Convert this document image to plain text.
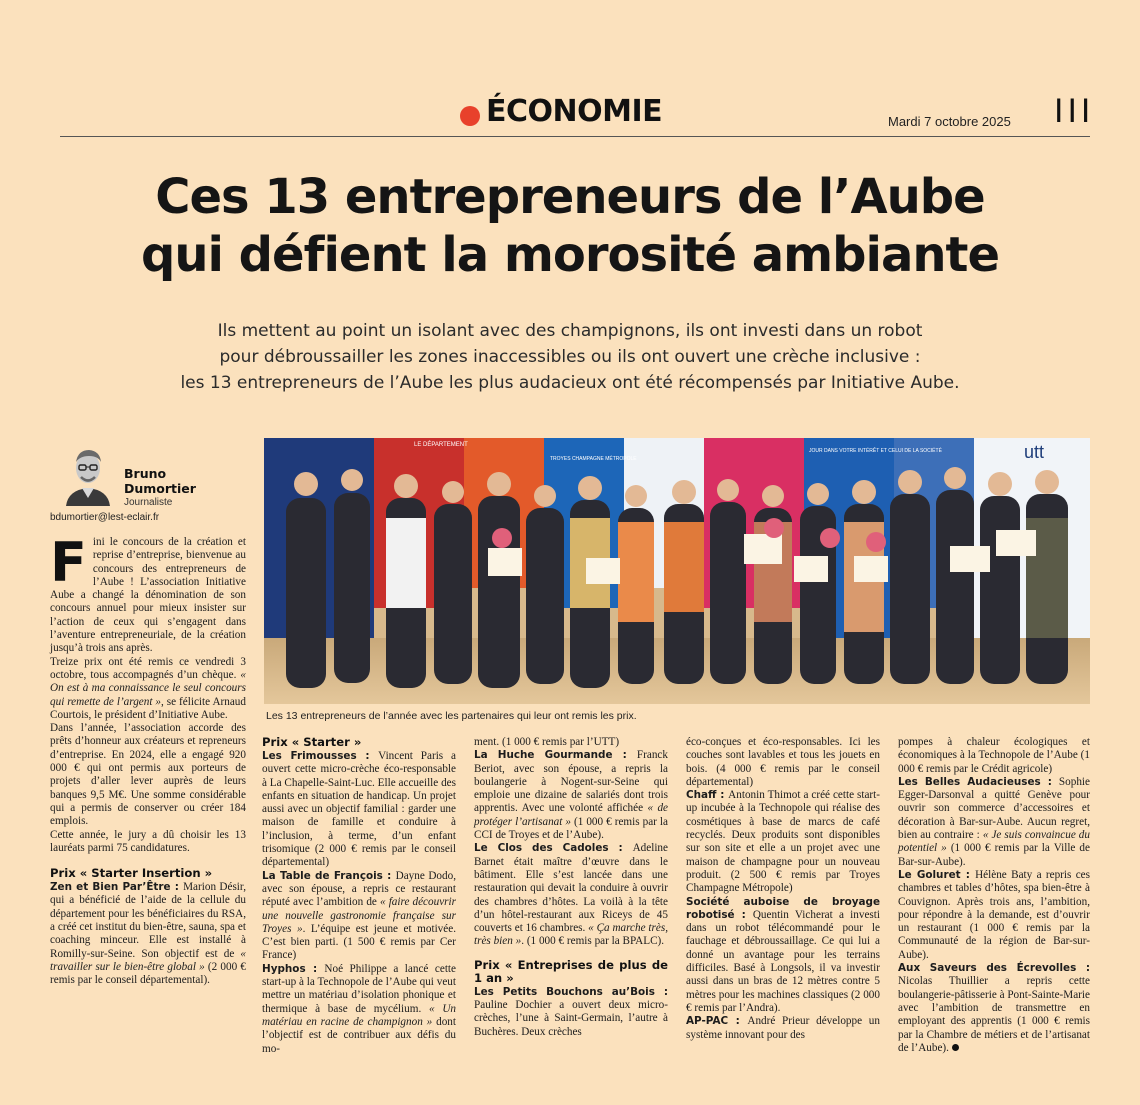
ÉCONOMIE	Mardi 7 octobre 2025 III
Ces 13 entrepreneurs de l’Aube
qui défient la morosité ambiante
Ils mettent au point un isolant avec des champignons, ils ont investi dans un robot
pour débroussailler les zones inaccessibles ou ils ont ouvert une crèche inclusive :
les 13 entrepreneurs de l’Aube les plus audacieux ont été récompensés par Initiative Aube.
Bruno
Dumortier
Journaliste
bdumortier@lest-eclair.fr
LE DÉPARTEMENT
TROYES CHAMPAGNE MÉTROPOLE
JOUR DANS VOTRE INTÉRÊT ET CELUI DE LA SOCIÉTÉ	utt
Les 13 entrepreneurs de l’année avec les partenaires qui leur ont remis les prix.

Fini le concours de la création et reprise d’entreprise, bienvenue au concours des entrepreneurs de l’Aube ! L’association Initiative Aube a changé la dénomination de son concours annuel pour mieux insister sur l’action de ceux qui s’engagent dans l’aventure entrepreneuriale, de la création jusqu’à trois ans après.

Treize prix ont été remis ce vendredi 3 octobre, tous accompagnés d’un chèque. « On est à ma connaissance le seul concours qui remette de l’argent », se félicite Arnaud Courtois, le président d’Initiative Aube.

Dans l’année, l’association accorde des prêts d’honneur aux créateurs et repreneurs d’entreprise. En 2024, elle a engagé 920 000 € qui ont permis aux porteurs de projets d’aller lever auprès de leurs banques 9,5 M€. Une somme considérable qui a permis de conserver ou créer 184 emplois.

Cette année, le jury a dû choisir les 13 lauréats parmi 75 candidatures.

Prix « Starter Insertion »

Zen et Bien Par’Être : Marion Désir, qui a bénéficié de l’aide de la cellule du département pour les bénéficiaires du RSA, a créé cet institut du bien-être, sauna, spa et coaching minceur. Elle est installé à Romilly-sur-Seine. Son objectif est de « travailler sur le bien-être global » (2 000 € remis par le conseil départemental).

Prix « Starter »

Les Frimousses : Vincent Paris a ouvert cette micro-crèche éco-responsable à La Chapelle-Saint-Luc. Elle accueille des enfants en situation de handicap. Un projet aussi avec un objectif familial : garder une maison de famille et conduire à l’inclusion, à terme, d’un enfant trisomique (2 000 € remis par le conseil départemental)

La Table de François : Dayne Dodo, avec son épouse, a repris ce restaurant réputé avec l’ambition de « faire découvrir une nouvelle gastronomie française sur Troyes ». L’équipe est jeune et motivée. C’est bien parti. (1 500 € remis par Cer France)

Hyphos : Noé Philippe a lancé cette start-up à la Technopole de l’Aube qui veut mettre un matériau d’isolation phonique et thermique à base de mycélium. « Un matériau en racine de champignon » dont l’objectif est de contribuer aux défis du mo-

ment. (1 000 € remis par l’UTT)

La Huche Gourmande : Franck Beriot, avec son épouse, a repris la boulangerie à Nogent-sur-Seine qui emploie une dizaine de salariés dont trois apprentis. Avec une volonté affichée « de protéger l’artisanat » (1 000 € remis par la CCI de Troyes et de l’Aube).

Le Clos des Cadoles : Adeline Barnet était maître d’œuvre dans le bâtiment. Elle s’est lancée dans une restauration qui devait la conduire à ouvrir des chambres d’hôtes. La voilà à la tête d’un hôtel-restaurant aux Riceys de 45 couverts et 16 chambres. « Ça marche très, très bien ». (1 000 € remis par la BPALC).

Prix « Entreprises de plus de 1 an »

Les Petits Bouchons au’Bois : Pauline Dochier a ouvert deux micro-crèches, l’une à Saint-Germain, l’autre à Buchères. Deux crèches

éco-conçues et éco-responsables. Ici les couches sont lavables et tous les jouets en bois. (4 000 € remis par le conseil départemental)

Chaff : Antonin Thimot a créé cette start-up incubée à la Technopole qui réalise des cosmétiques à base de marcs de café recyclés. Deux produits sont disponibles sur son site et elle a un projet avec une maison de champagne pour un nouveau produit. (2 500 € remis par Troyes Champagne Métropole)

Société auboise de broyage robotisé : Quentin Vicherat a investi dans un robot télécommandé pour le fauchage et débroussaillage. Ce qui lui a donné un avantage pour les terrains difficiles. Basé à Longsols, il va investir aussi dans un bras de 12 mètres contre 5 mètres pour les machines classiques (2 000 € remis par l’Andra).

AP-PAC : André Prieur développe un système innovant pour des

pompes à chaleur écologiques et économiques à la Technopole de l’Aube (1 000 € remis par le Crédit agricole)

Les Belles Audacieuses : Sophie Egger-Darsonval a quitté Genève pour ouvrir son commerce d’accessoires et décoration à Bar-sur-Aube. Aucun regret, bien au contraire : « Je suis convaincue du potentiel » (1 000 € remis par la Ville de Bar-sur-Aube).

Le Goluret : Hélène Baty a repris ces chambres et tables d’hôtes, spa bien-être à Couvignon. Après trois ans, l’ambition, pour répondre à la demande, est d’ouvrir un restaurant (1 000 € remis par la Communauté de la région de Bar-sur-Aube).

Aux Saveurs des Écrevolles : Nicolas Thuillier a repris cette boulangerie-pâtisserie à Pont-Sainte-Marie avec l’ambition de transmettre en employant des apprentis (1 000 € remis par la Chambre de métiers et de l’artisanat de l’Aube).
